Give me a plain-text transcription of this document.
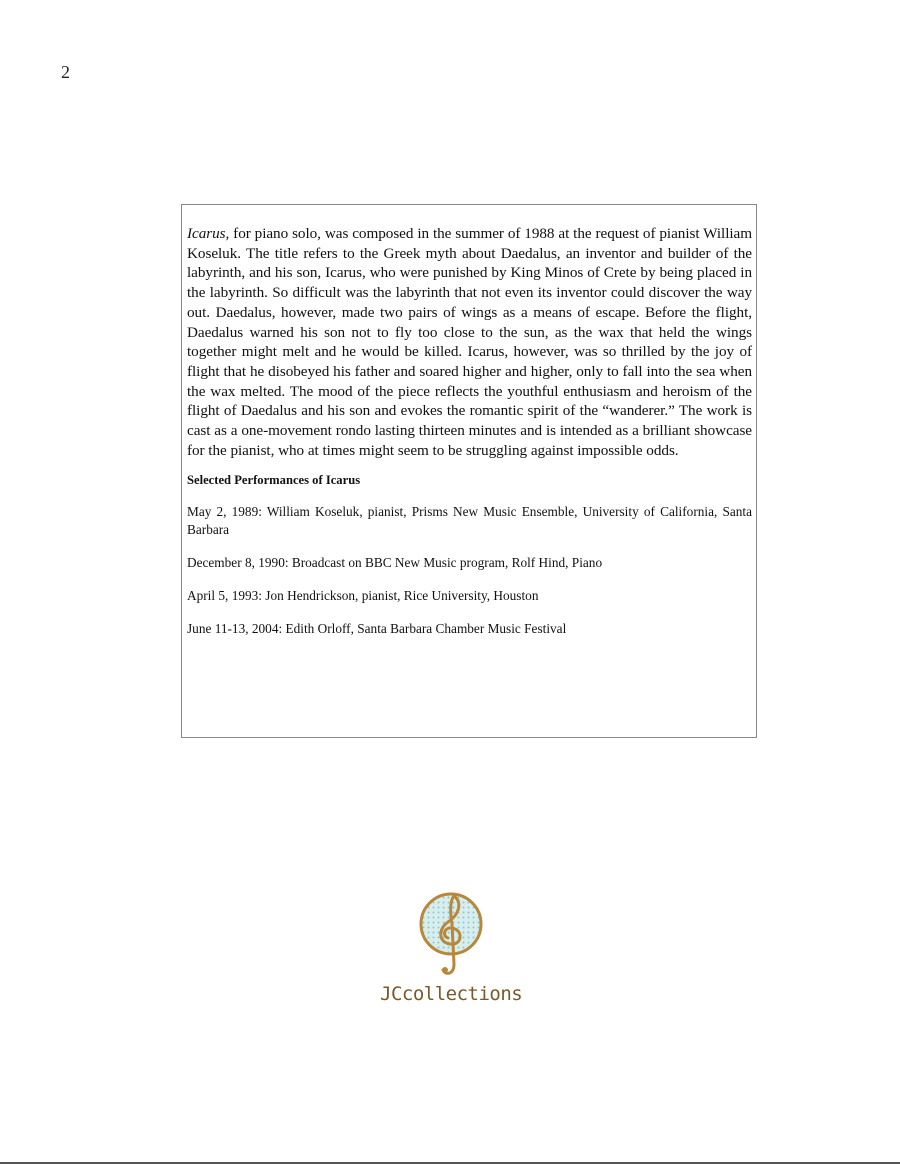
2

Icarus, for piano solo, was composed in the summer of 1988 at the request of pianist William Koseluk. The title refers to the Greek myth about Daedalus, an inventor and builder of the labyrinth, and his son, Icarus, who were punished by King Minos of Crete by being placed in the labyrinth. So difficult was the labyrinth that not even its inventor could discover the way out. Daedalus, however, made two pairs of wings as a means of escape. Before the flight, Daedalus warned his son not to fly too close to the sun, as the wax that held the wings together might melt and he would be killed. Icarus, however, was so thrilled by the joy of flight that he disobeyed his father and soared higher and higher, only to fall into the sea when the wax melted. The mood of the piece reflects the youthful enthusiasm and heroism of the flight of Daedalus and his son and evokes the romantic spirit of the “wanderer.” The work is cast as a one-movement rondo lasting thirteen minutes and is intended as a brilliant showcase for the pianist, who at times might seem to be struggling against impossible odds.

Selected Performances of Icarus
May 2, 1989: William Koseluk, pianist, Prisms New Music Ensemble, University of California, Santa Barbara
December 8, 1990: Broadcast on BBC New Music program, Rolf Hind, Piano
April 5, 1993: Jon Hendrickson, pianist, Rice University, Houston
June 11-13, 2004: Edith Orloff, Santa Barbara Chamber Music Festival
JCcollections
